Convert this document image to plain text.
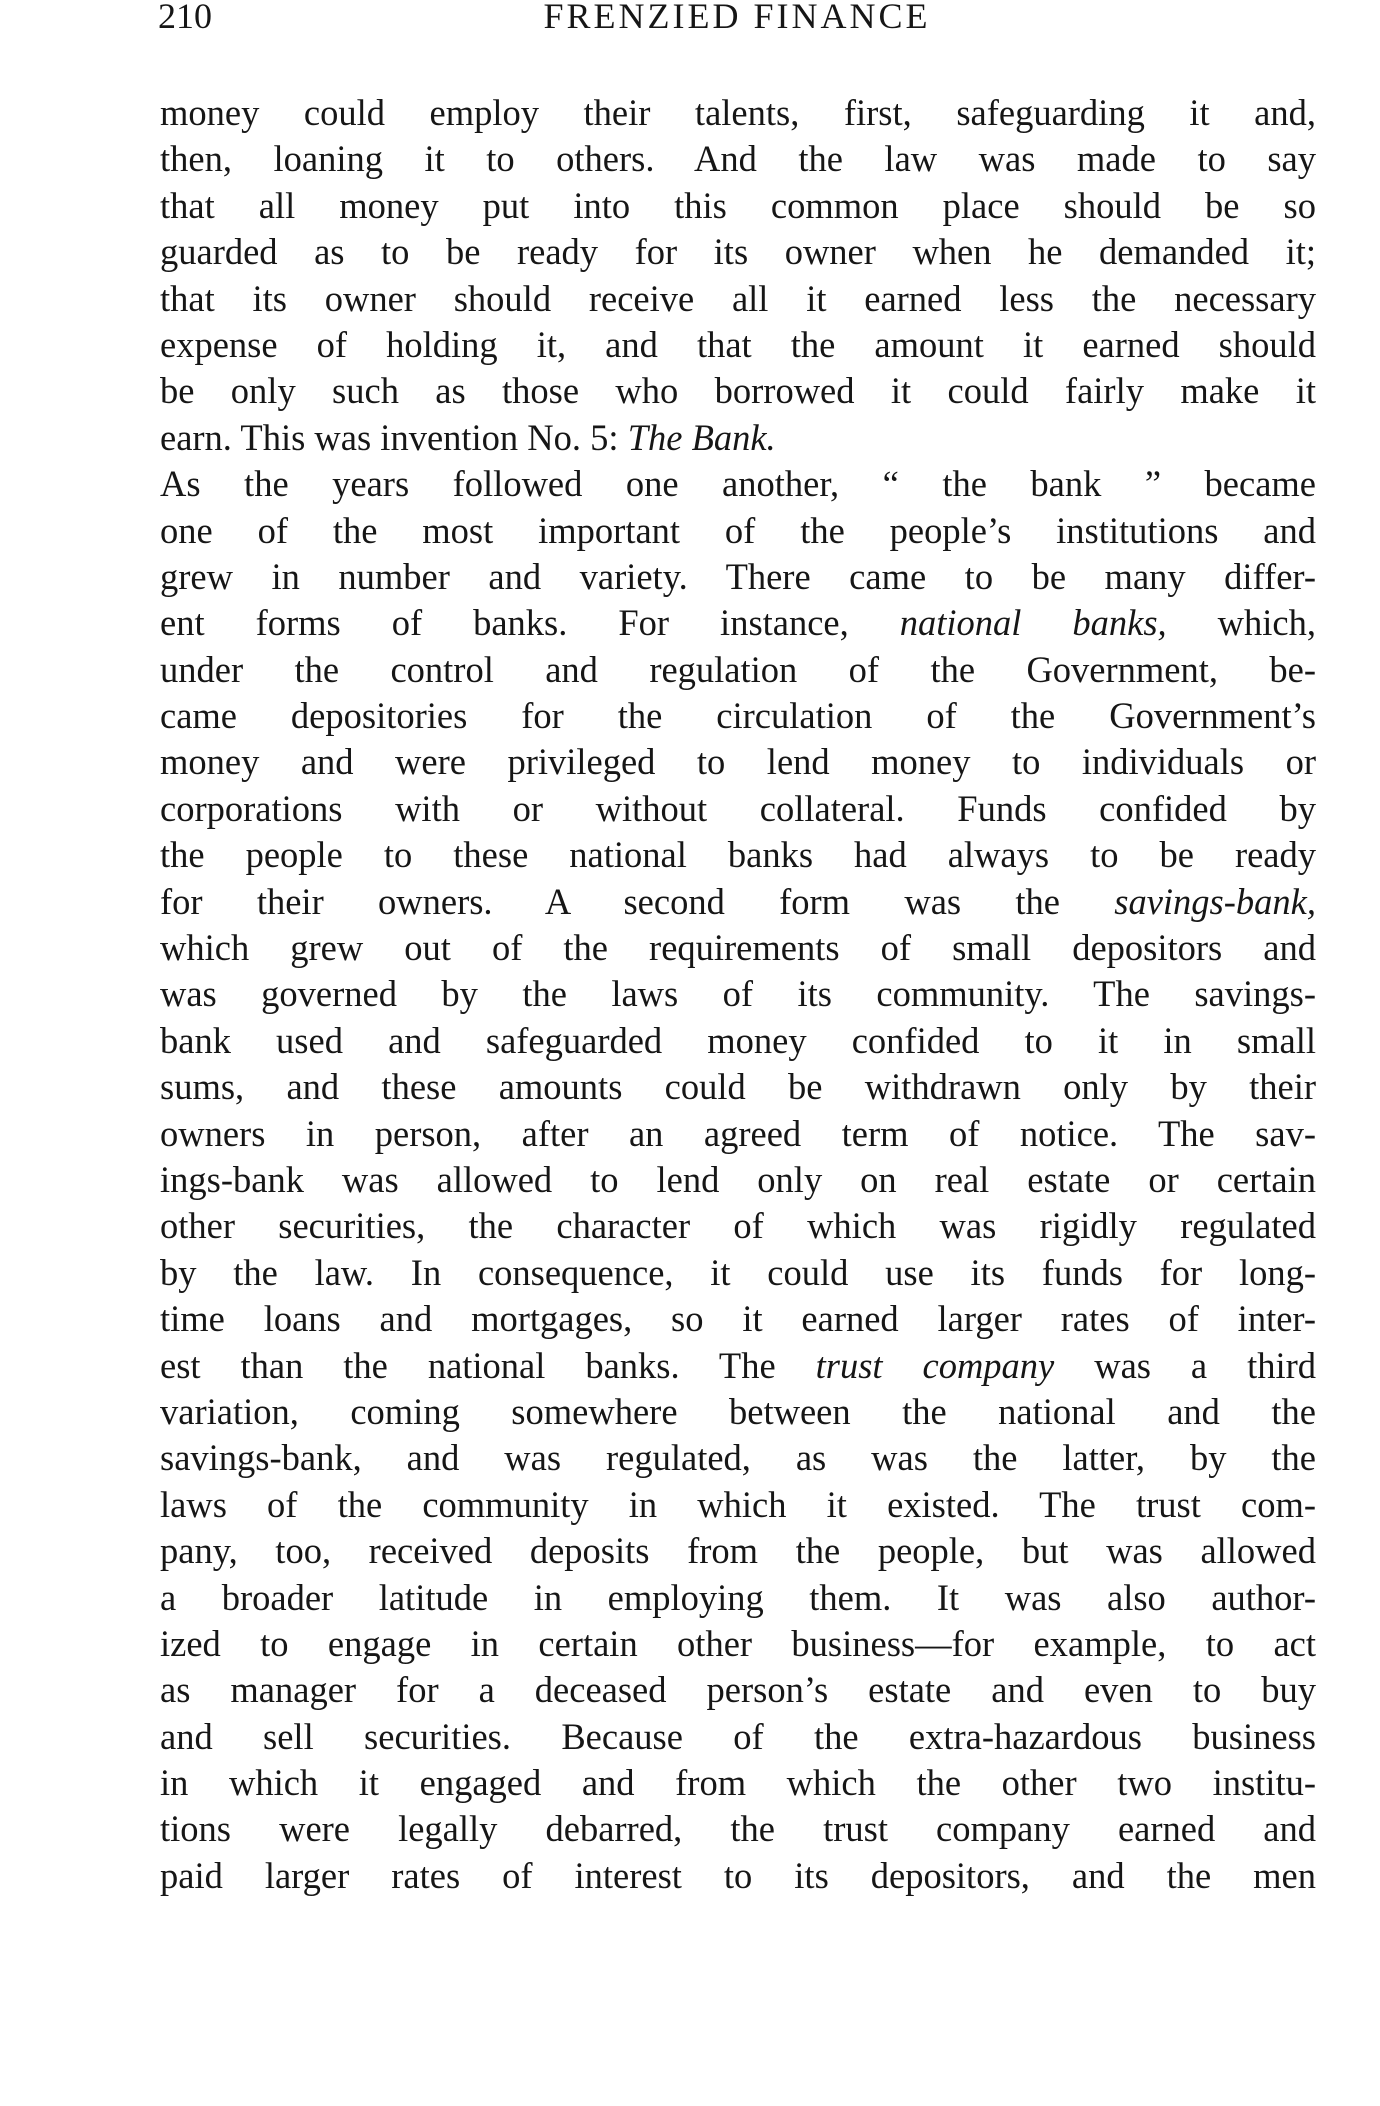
210	FRENZIED FINANCE
money could employ their talents, first, safeguarding it and,
then, loaning it to others. And the law was made to say
that all money put into this common place should be so
guarded as to be ready for its owner when he demanded it;
that its owner should receive all it earned less the necessary
expense of holding it, and that the amount it earned should
be only such as those who borrowed it could fairly make it
earn. This was invention No. 5: The Bank.
As the years followed one another, “ the bank ” became
one of the most important of the people’s institutions and
grew in number and variety. There came to be many differ-
ent forms of banks. For instance, national banks, which,
under the control and regulation of the Government, be-
came depositories for the circulation of the Government’s
money and were privileged to lend money to individuals or
corporations with or without collateral. Funds confided by
the people to these national banks had always to be ready
for their owners. A second form was the savings-bank,
which grew out of the requirements of small depositors and
was governed by the laws of its community. The savings-
bank used and safeguarded money confided to it in small
sums, and these amounts could be withdrawn only by their
owners in person, after an agreed term of notice. The sav-
ings-bank was allowed to lend only on real estate or certain
other securities, the character of which was rigidly regulated
by the law. In consequence, it could use its funds for long-
time loans and mortgages, so it earned larger rates of inter-
est than the national banks. The trust company was a third
variation, coming somewhere between the national and the
savings-bank, and was regulated, as was the latter, by the
laws of the community in which it existed. The trust com-
pany, too, received deposits from the people, but was allowed
a broader latitude in employing them. It was also author-
ized to engage in certain other business—for example, to act
as manager for a deceased person’s estate and even to buy
and sell securities. Because of the extra-hazardous business
in which it engaged and from which the other two institu-
tions were legally debarred, the trust company earned and
paid larger rates of interest to its depositors, and the men
